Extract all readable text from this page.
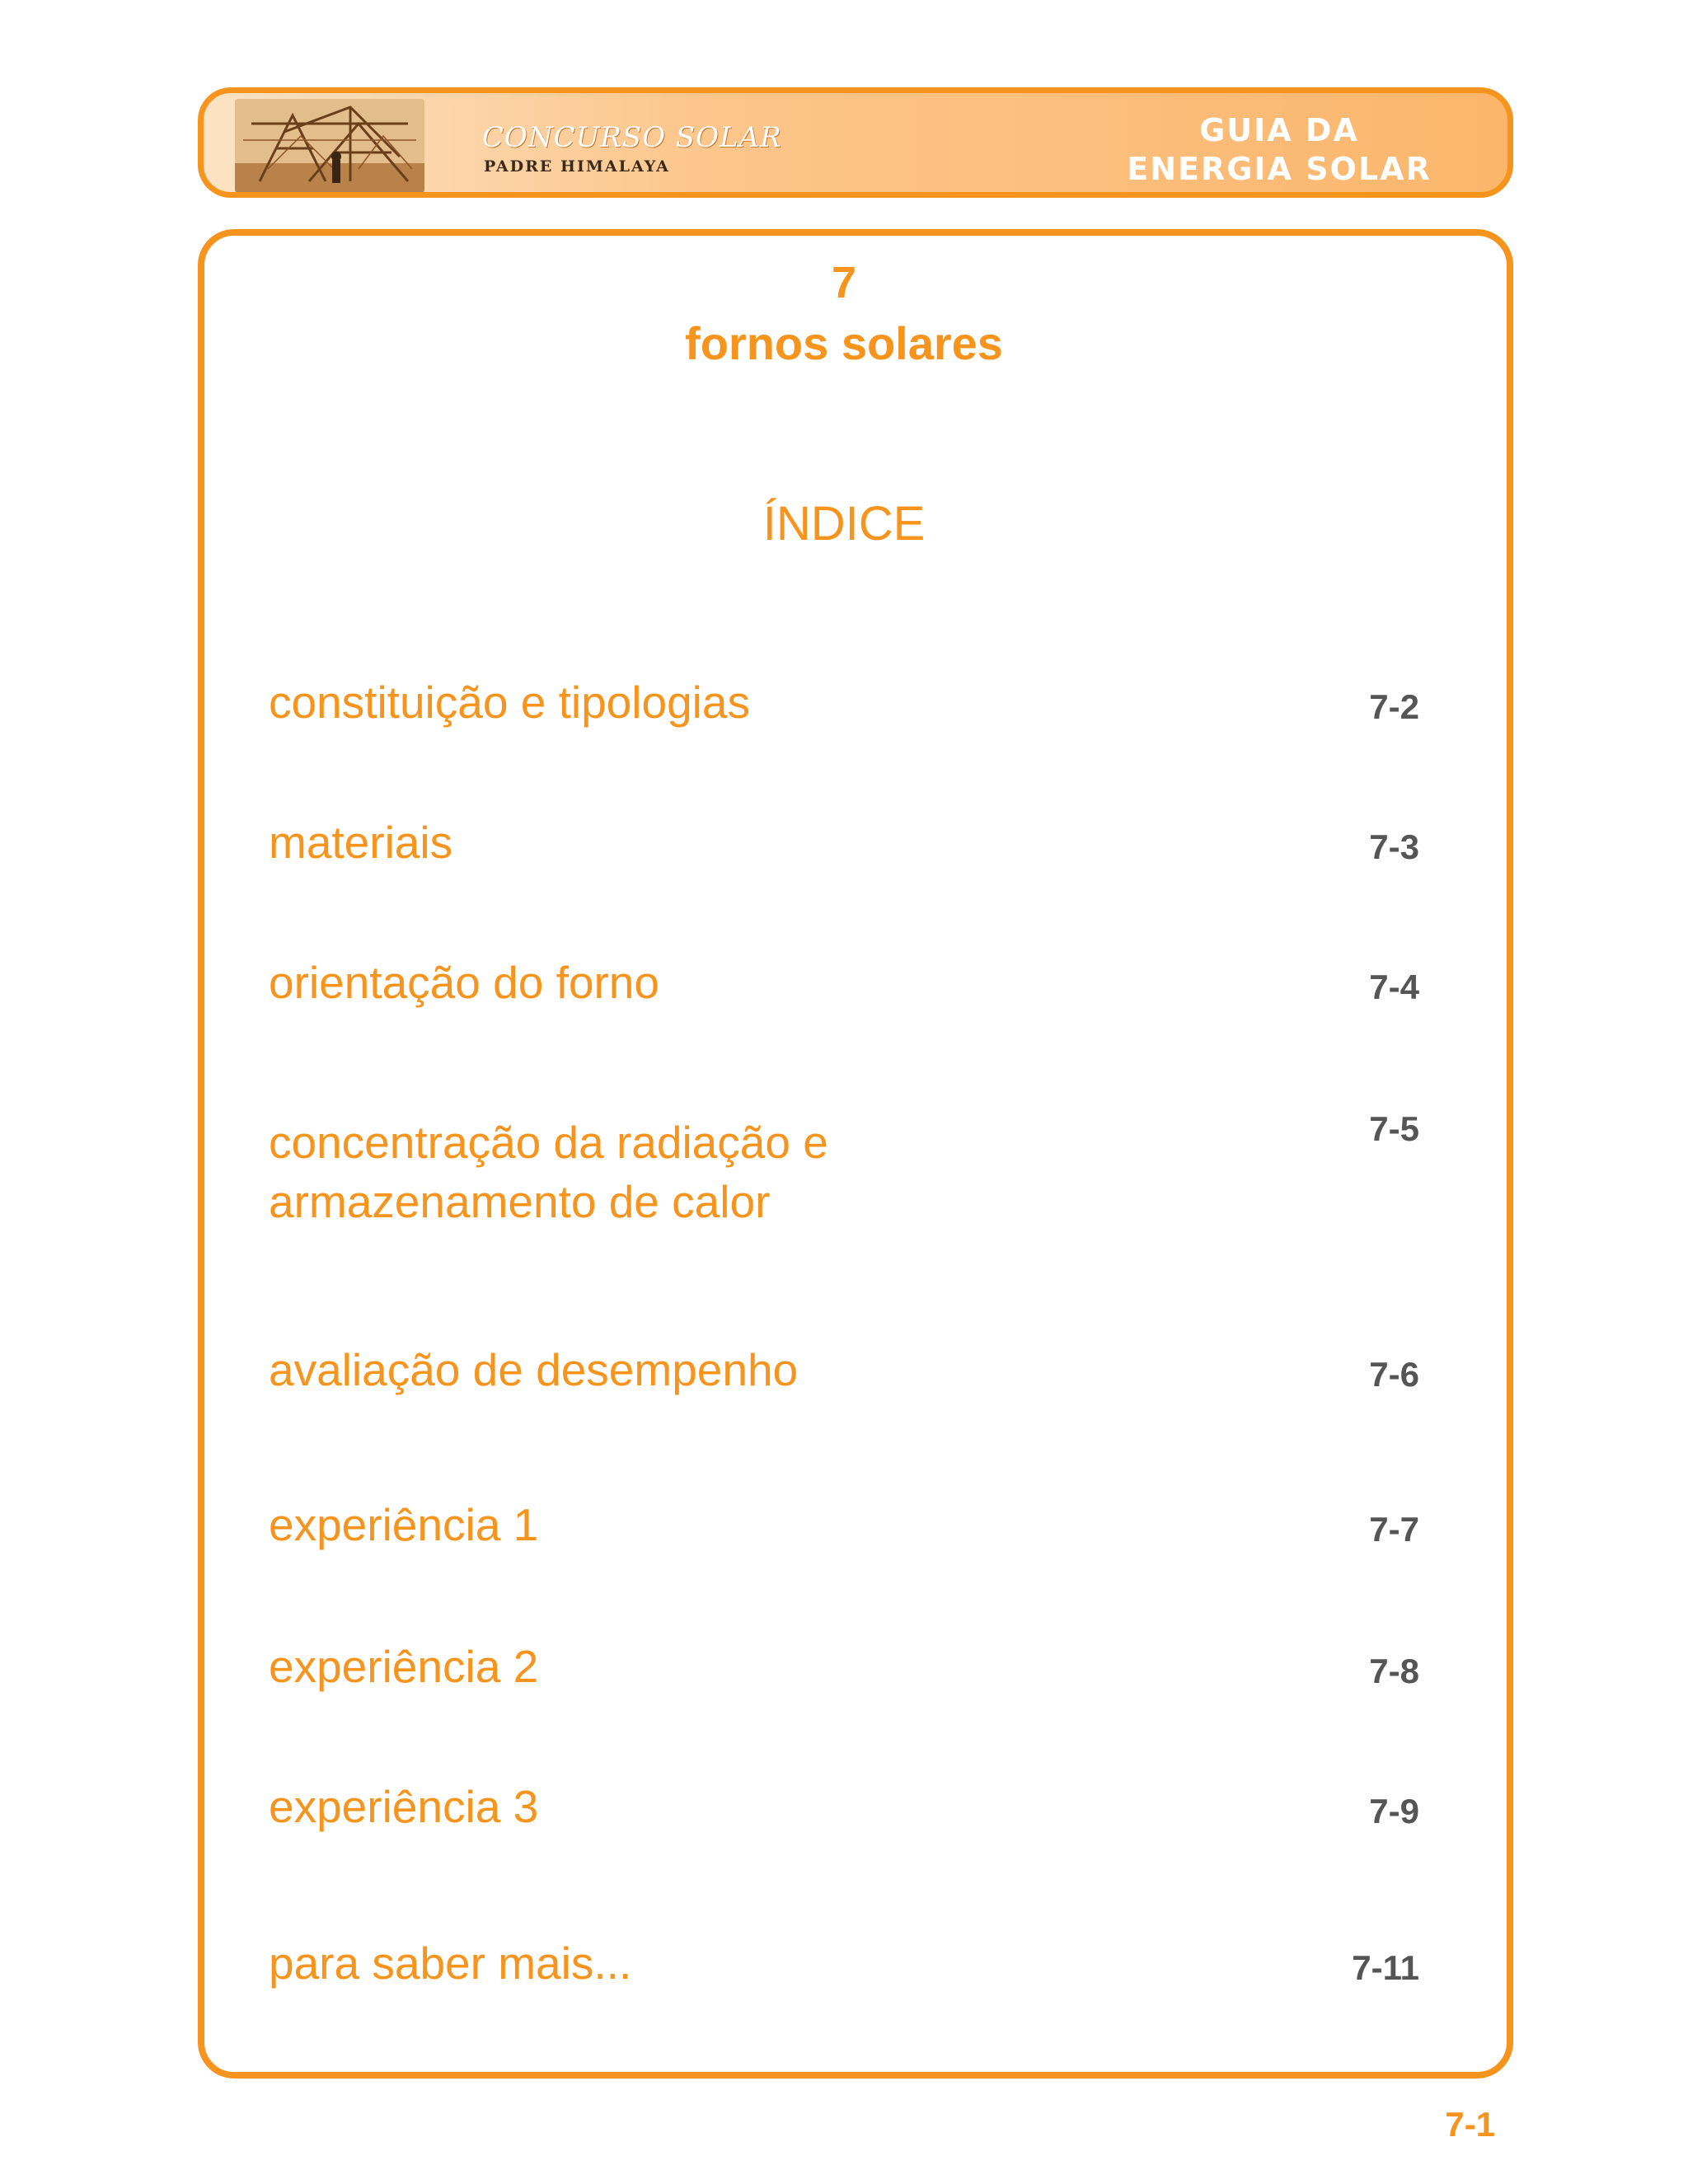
CONCURSO SOLAR
PADRE HIMALAYA
GUIA DA
ENERGIA SOLAR
7
fornos solares
ÍNDICE
constituição e tipologias	7-2
materiais	7-3
orientação do forno	7-4
concentração da radiação e
armazenamento de calor
7-5
avaliação de desempenho	7-6
experiência 1	7-7
experiência 2	7-8
experiência 3	7-9
para saber mais...	7-11
7-1
